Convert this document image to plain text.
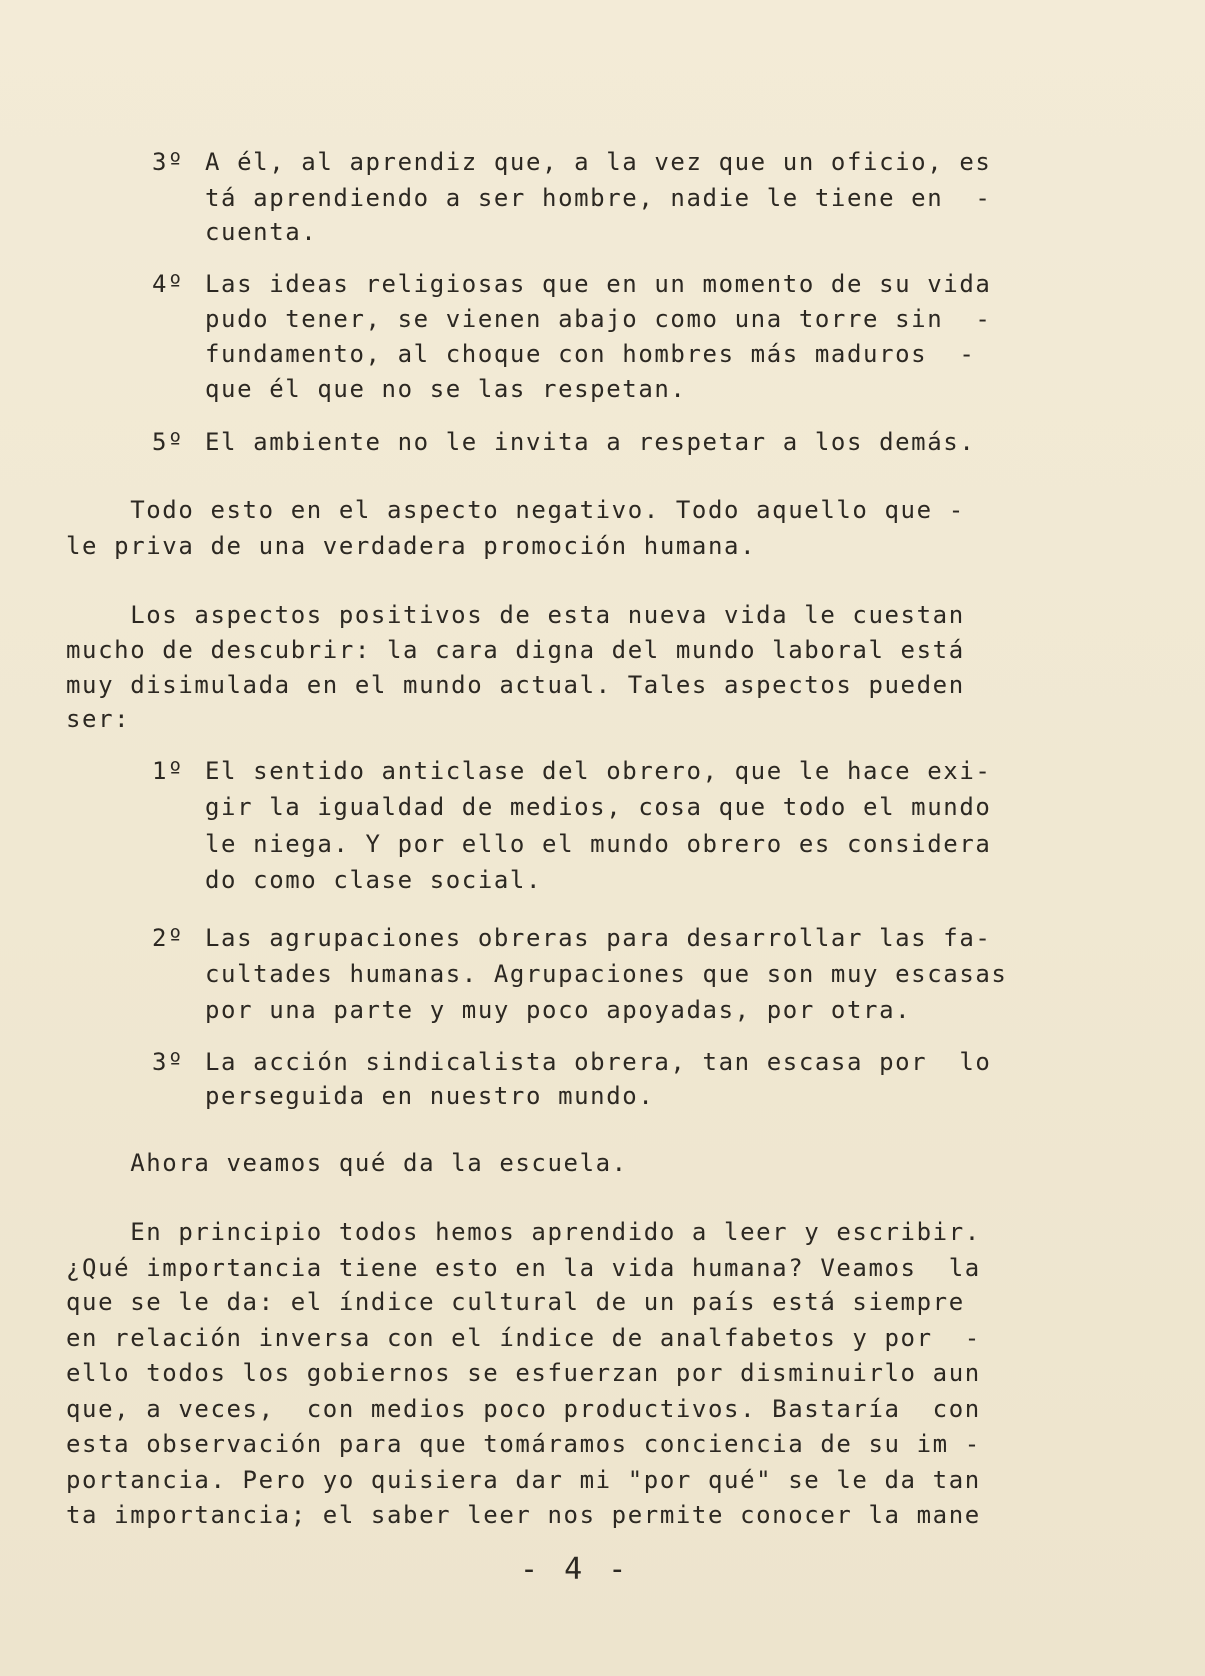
3º A él, al aprendiz que, a la vez que un oficio, es
tá aprendiendo a ser hombre, nadie le tiene en  -
cuenta.
4º Las ideas religiosas que en un momento de su vida
pudo tener, se vienen abajo como una torre sin  -
fundamento, al choque con hombres más maduros  -
que él que no se las respetan.
5º El ambiente no le invita a respetar a los demás.
Todo esto en el aspecto negativo. Todo aquello que -
le priva de una verdadera promoción humana.
Los aspectos positivos de esta nueva vida le cuestan
mucho de descubrir: la cara digna del mundo laboral está
muy disimulada en el mundo actual. Tales aspectos pueden
ser:
1º El sentido anticlase del obrero, que le hace exi-
gir la igualdad de medios, cosa que todo el mundo
le niega. Y por ello el mundo obrero es considera
do como clase social.
2º Las agrupaciones obreras para desarrollar las fa-
cultades humanas. Agrupaciones que son muy escasas
por una parte y muy poco apoyadas, por otra.
3º La acción sindicalista obrera, tan escasa por  lo
perseguida en nuestro mundo.
Ahora veamos qué da la escuela.
En principio todos hemos aprendido a leer y escribir.
¿Qué importancia tiene esto en la vida humana? Veamos  la
que se le da: el índice cultural de un país está siempre
en relación inversa con el índice de analfabetos y por  -
ello todos los gobiernos se esfuerzan por disminuirlo aun
que, a veces,  con medios poco productivos. Bastaría  con
esta observación para que tomáramos conciencia de su im -
portancia. Pero yo quisiera dar mi "por qué" se le da tan
ta importancia; el saber leer nos permite conocer la mane
- 4 -
